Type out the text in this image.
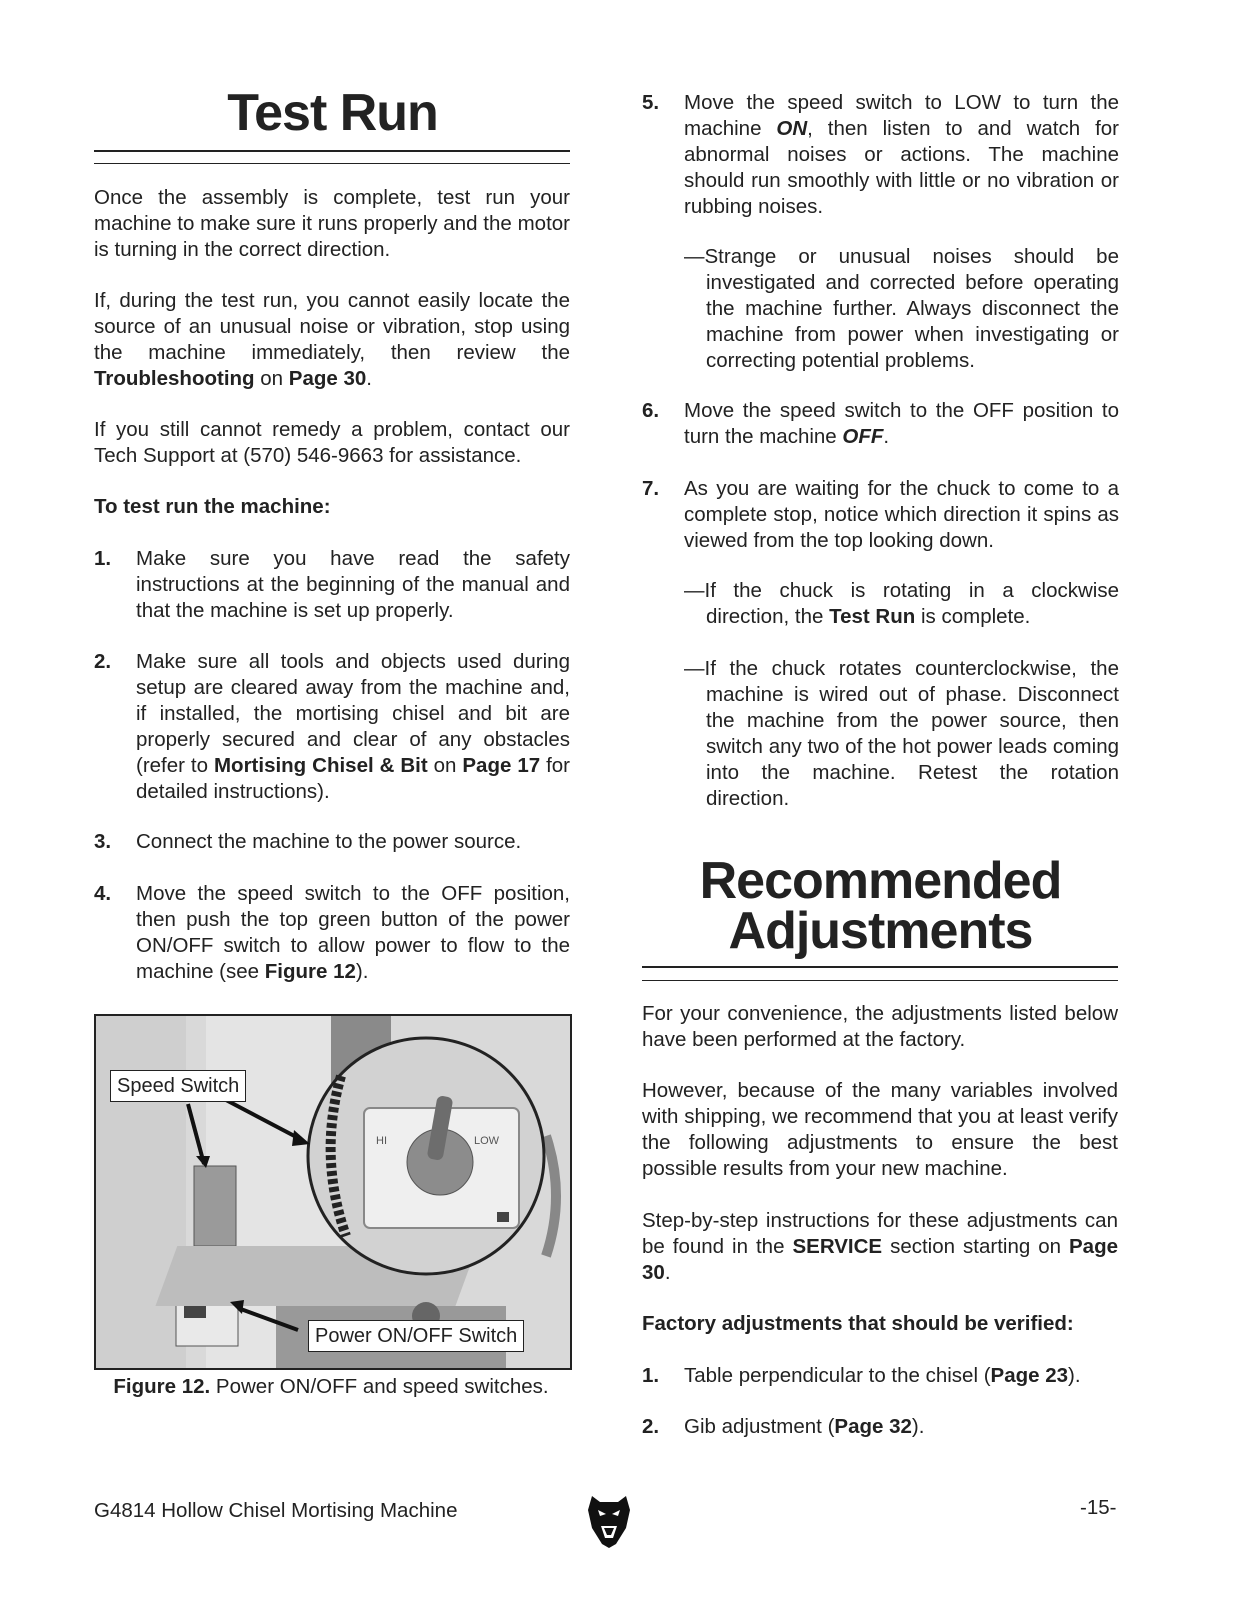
Test Run

Once the assembly is complete, test run your machine to make sure it runs properly and the motor is turning in the correct direction.

If, during the test run, you cannot easily locate the source of an unusual noise or vibration, stop using the machine immediately, then review the Troubleshooting on Page 30.

If you still cannot remedy a problem, contact our Tech Support at (570) 546-9663 for assistance.

To test run the machine:

1. Make sure you have read the safety instructions at the beginning of the manual and that the machine is set up properly.

2. Make sure all tools and objects used during setup are cleared away from the machine and, if installed, the mortising chisel and bit are properly secured and clear of any obstacles (refer to Mortising Chisel & Bit on Page 17 for detailed instructions).

3. Connect the machine to the power source.

4. Move the speed switch to the OFF position, then push the top green button of the power ON/OFF switch to allow power to flow to the machine (see Figure 12).

HI	LOW
Speed Switch
Power ON/OFF Switch
Figure 12. Power ON/OFF and speed switches.
5. Move the speed switch to LOW to turn the machine ON, then listen to and watch for abnormal noises or actions. The machine should run smoothly with little or no vibration or rubbing noises.

—Strange or unusual noises should be investigated and corrected before operating the machine further. Always disconnect the machine from power when investigating or correcting potential problems.

6. Move the speed switch to the OFF position to turn the machine OFF.

7. As you are waiting for the chuck to come to a complete stop, notice which direction it spins as viewed from the top looking down.

—If the chuck is rotating in a clockwise direction, the Test Run is complete.

—If the chuck rotates counterclockwise, the machine is wired out of phase. Disconnect the machine from the power source, then switch any two of the hot power leads coming into the machine. Retest the rotation direction.

Recommended
Adjustments

For your convenience, the adjustments listed below have been performed at the factory.

However, because of the many variables involved with shipping, we recommend that you at least verify the following adjustments to ensure the best possible results from your new machine.

Step-by-step instructions for these adjustments can be found in the SERVICE section starting on Page 30.

Factory adjustments that should be verified:

1. Table perpendicular to the chisel (Page 23).

2. Gib adjustment (Page 32).

G4814 Hollow Chisel Mortising Machine	-15-
